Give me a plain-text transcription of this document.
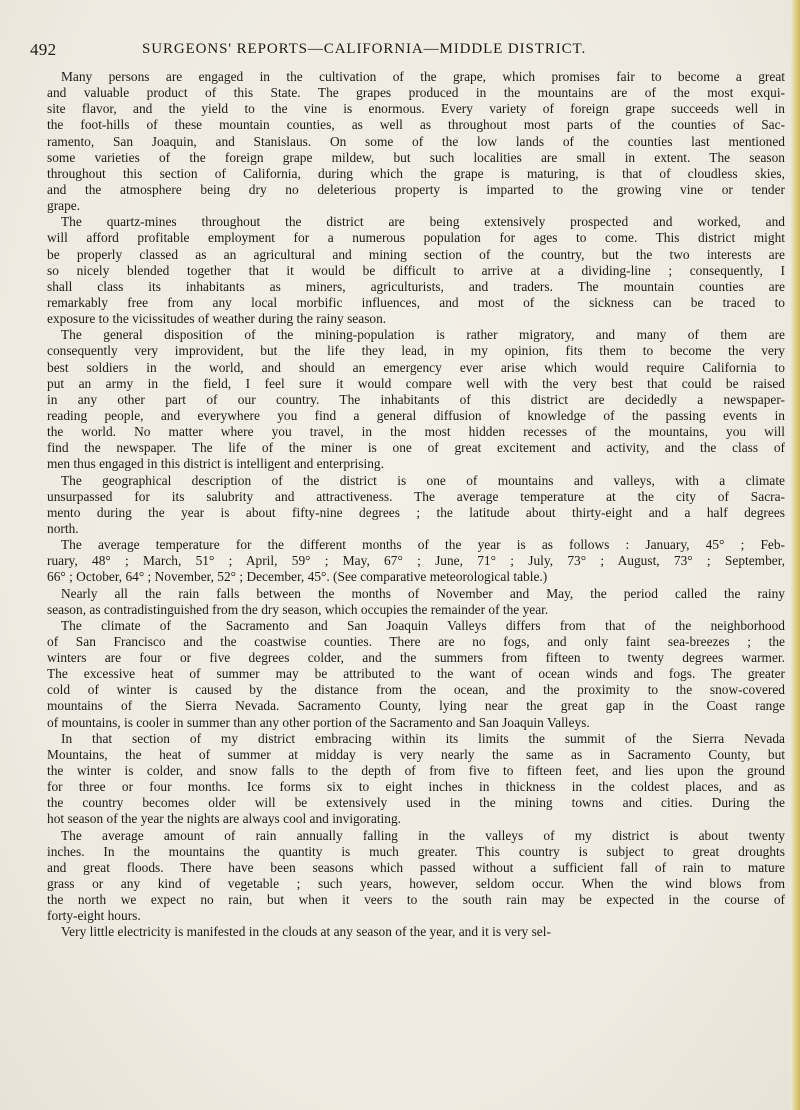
492	SURGEONS' REPORTS—CALIFORNIA—MIDDLE DISTRICT.
Many persons are engaged in the cultivation of the grape, which promises fair to become a great
and valuable product of this State. The grapes produced in the mountains are of the most exqui-
site flavor, and the yield to the vine is enormous. Every variety of foreign grape succeeds well in
the foot-hills of these mountain counties, as well as throughout most parts of the counties of Sac-
ramento, San Joaquin, and Stanislaus. On some of the low lands of the counties last mentioned
some varieties of the foreign grape mildew, but such localities are small in extent. The season
throughout this section of California, during which the grape is maturing, is that of cloudless skies,
and the atmosphere being dry no deleterious property is imparted to the growing vine or tender
grape.
The quartz-mines throughout the district are being extensively prospected and worked, and
will afford profitable employment for a numerous population for ages to come. This district might
be properly classed as an agricultural and mining section of the country, but the two interests are
so nicely blended together that it would be difficult to arrive at a dividing-line ; consequently, I
shall class its inhabitants as miners, agriculturists, and traders. The mountain counties are
remarkably free from any local morbific influences, and most of the sickness can be traced to
exposure to the vicissitudes of weather during the rainy season.
The general disposition of the mining-population is rather migratory, and many of them are
consequently very improvident, but the life they lead, in my opinion, fits them to become the very
best soldiers in the world, and should an emergency ever arise which would require California to
put an army in the field, I feel sure it would compare well with the very best that could be raised
in any other part of our country. The inhabitants of this district are decidedly a newspaper-
reading people, and everywhere you find a general diffusion of knowledge of the passing events in
the world. No matter where you travel, in the most hidden recesses of the mountains, you will
find the newspaper. The life of the miner is one of great excitement and activity, and the class of
men thus engaged in this district is intelligent and enterprising.
The geographical description of the district is one of mountains and valleys, with a climate
unsurpassed for its salubrity and attractiveness. The average temperature at the city of Sacra-
mento during the year is about fifty-nine degrees ; the latitude about thirty-eight and a half degrees
north.
The average temperature for the different months of the year is as follows : January, 45° ; Feb-
ruary, 48° ; March, 51° ; April, 59° ; May, 67° ; June, 71° ; July, 73° ; August, 73° ; September,
66° ; October, 64° ; November, 52° ; December, 45°. (See comparative meteorological table.)
Nearly all the rain falls between the months of November and May, the period called the rainy
season, as contradistinguished from the dry season, which occupies the remainder of the year.
The climate of the Sacramento and San Joaquin Valleys differs from that of the neighborhood
of San Francisco and the coastwise counties. There are no fogs, and only faint sea-breezes ; the
winters are four or five degrees colder, and the summers from fifteen to twenty degrees warmer.
The excessive heat of summer may be attributed to the want of ocean winds and fogs. The greater
cold of winter is caused by the distance from the ocean, and the proximity to the snow-covered
mountains of the Sierra Nevada. Sacramento County, lying near the great gap in the Coast range
of mountains, is cooler in summer than any other portion of the Sacramento and San Joaquin Valleys.
In that section of my district embracing within its limits the summit of the Sierra Nevada
Mountains, the heat of summer at midday is very nearly the same as in Sacramento County, but
the winter is colder, and snow falls to the depth of from five to fifteen feet, and lies upon the ground
for three or four months. Ice forms six to eight inches in thickness in the coldest places, and as
the country becomes older will be extensively used in the mining towns and cities. During the
hot season of the year the nights are always cool and invigorating.
The average amount of rain annually falling in the valleys of my district is about twenty
inches. In the mountains the quantity is much greater. This country is subject to great droughts
and great floods. There have been seasons which passed without a sufficient fall of rain to mature
grass or any kind of vegetable ; such years, however, seldom occur. When the wind blows from
the north we expect no rain, but when it veers to the south rain may be expected in the course of
forty-eight hours.
Very little electricity is manifested in the clouds at any season of the year, and it is very sel-
